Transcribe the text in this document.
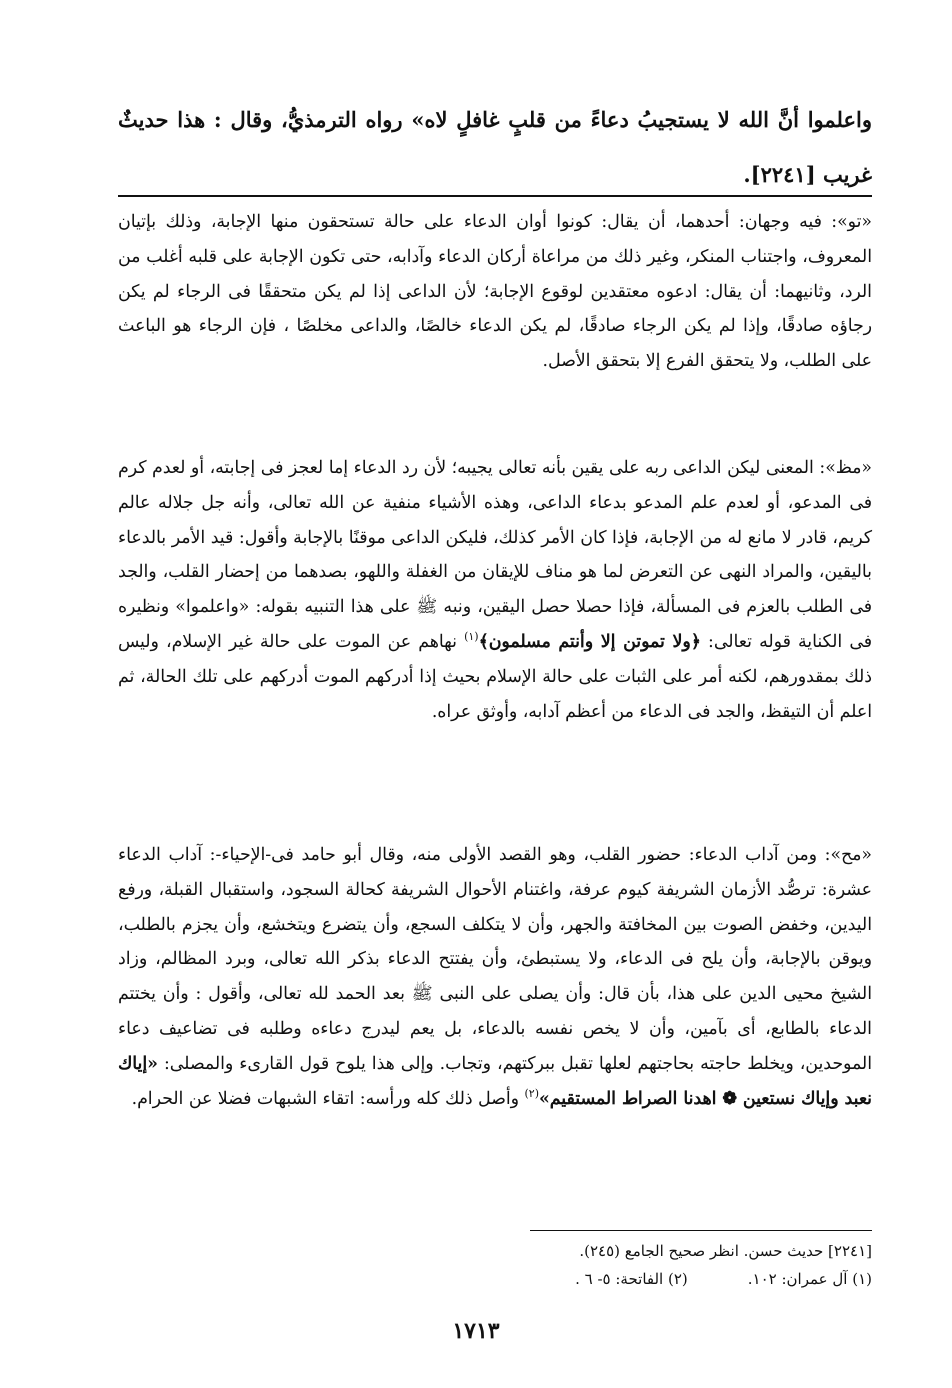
واعلموا أنَّ الله لا يستجيبُ دعاءً من قلبٍ غافلٍ لاه» رواه الترمذيُّ، وقال : هذا حديثٌ غريب [٢٢٤١].

«تو»: فيه وجهان: أحدهما، أن يقال: كونوا أوان الدعاء على حالة تستحقون منها الإجابة، وذلك بإتيان المعروف، واجتناب المنكر، وغير ذلك من مراعاة أركان الدعاء وآدابه، حتى تكون الإجابة على قلبه أغلب من الرد، وثانيهما: أن يقال: ادعوه معتقدين لوقوع الإجابة؛ لأن الداعى إذا لم يكن متحققًا فى الرجاء لم يكن رجاؤه صادقًا، وإذا لم يكن الرجاء صادقًا، لم يكن الدعاء خالصًا، والداعى مخلصًا ، فإن الرجاء هو الباعث على الطلب، ولا يتحقق الفرع إلا بتحقق الأصل.

«مظ»: المعنى ليكن الداعى ربه على يقين بأنه تعالى يجيبه؛ لأن رد الدعاء إما لعجز فى إجابته، أو لعدم كرم فى المدعو، أو لعدم علم المدعو بدعاء الداعى، وهذه الأشياء منفية عن الله تعالى، وأنه جل جلاله عالم كريم، قادر لا مانع له من الإجابة، فإذا كان الأمر كذلك، فليكن الداعى موقنًا بالإجابة وأقول: قيد الأمر بالدعاء باليقين، والمراد النهى عن التعرض لما هو مناف للإيقان من الغفلة واللهو، بصدهما من إحضار القلب، والجد فى الطلب بالعزم فى المسألة، فإذا حصلا حصل اليقين، ونبه ﷺ على هذا التنبيه بقوله: «واعلموا» ونظيره فى الكناية قوله تعالى: ﴿ولا تموتن إلا وأنتم مسلمون﴾$^{(١)}$ نهاهم عن الموت على حالة غير الإسلام، وليس ذلك بمقدورهم، لكنه أمر على الثبات على حالة الإسلام بحيث إذا أدركهم الموت أدركهم على تلك الحالة، ثم اعلم أن التيقظ، والجد فى الدعاء من أعظم آدابه، وأوثق عراه.

«مح»: ومن آداب الدعاء: حضور القلب، وهو القصد الأولى منه، وقال أبو حامد فى-الإحياء-: آداب الدعاء عشرة: ترصُّد الأزمان الشريفة كيوم عرفة، واغتنام الأحوال الشريفة كحالة السجود، واستقبال القبلة، ورفع اليدين، وخفض الصوت بين المخافتة والجهر، وأن لا يتكلف السجع، وأن يتضرع ويتخشع، وأن يجزم بالطلب، ويوقن بالإجابة، وأن يلح فى الدعاء، ولا يستبطئ، وأن يفتتح الدعاء بذكر الله تعالى، وبرد المظالم، وزاد الشيخ محيى الدين على هذا، بأن قال: وأن يصلى على النبى ﷺ بعد الحمد لله تعالى، وأقول : وأن يختتم الدعاء بالطابع، أى بآمين، وأن لا يخص نفسه بالدعاء، بل يعم ليدرج دعاءه وطلبه فى تضاعيف دعاء الموحدين، ويخلط حاجته بحاجتهم لعلها تقبل ببركتهم، وتجاب. وإلى هذا يلوح قول القارىء والمصلى: «إياك نعبد وإياك نستعين ❁ اهدنا الصراط المستقيم»$^{(٢)}$ وأصل ذلك كله ورأسه: اتقاء الشبهات فضلا عن الحرام.

[٢٢٤١] حديث حسن. انظر صحيح الجامع (٢٤٥).
(١) آل عمران: ١٠٢.
(٢) الفاتحة: ٥- ٦ .
١٧١٣
